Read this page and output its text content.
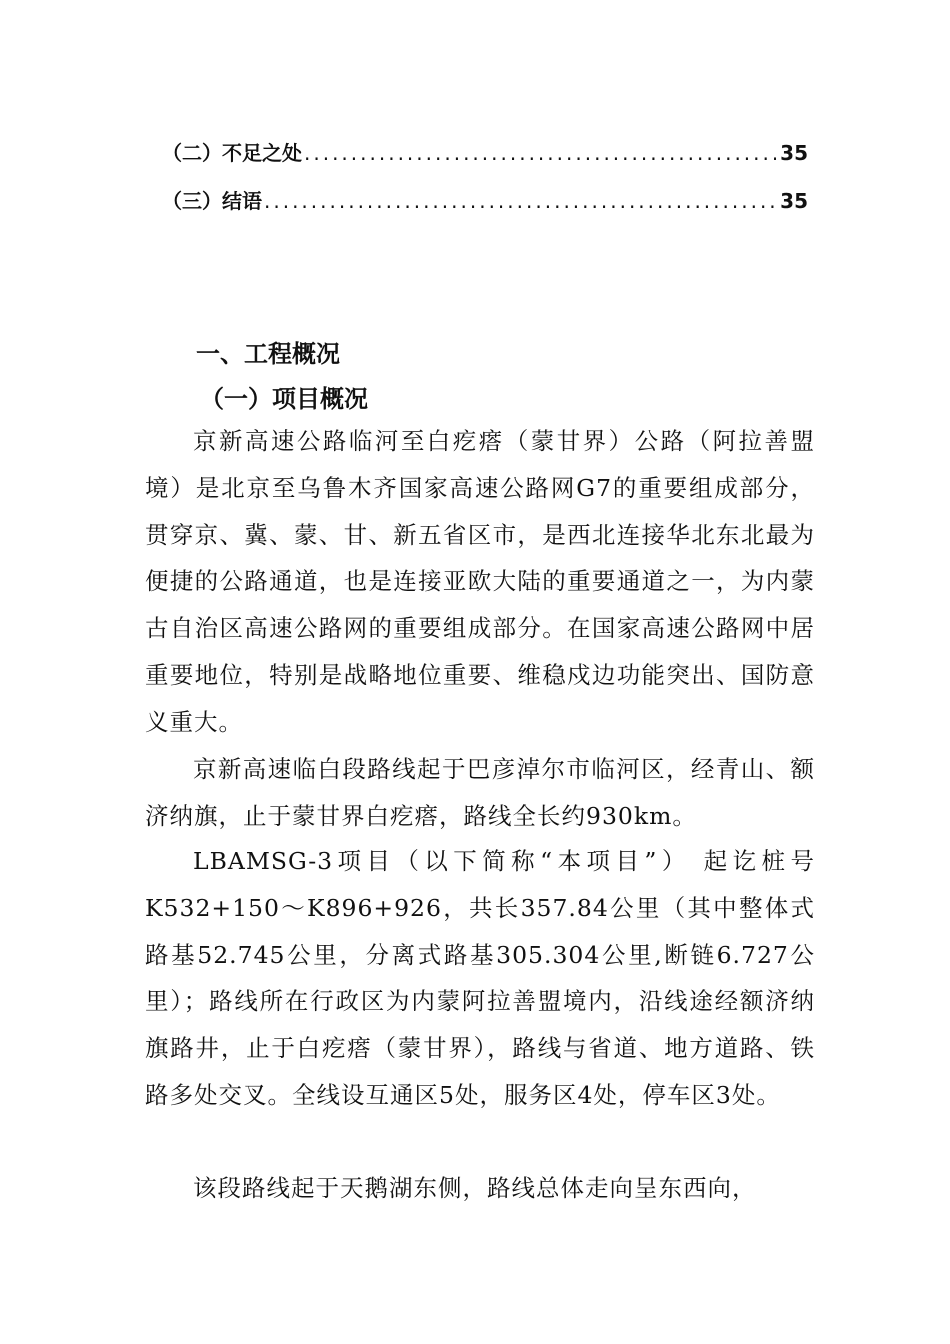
（二）不足之处 .....	35
（三）结语 .....	35
一、工程概况
（一）项目概况

京新高速公路临河至白疙瘩（蒙甘界）公路（阿拉善盟境）是北京至乌鲁木齐国家高速公路网G7的重要组成部分，贯穿京、冀、蒙、甘、新五省区市，是西北连接华北东北最为便捷的公路通道，也是连接亚欧大陆的重要通道之一，为内蒙古自治区高速公路网的重要组成部分。在国家高速公路网中居重要地位，特别是战略地位重要、维稳戍边功能突出、国防意义重大。

京新高速临白段路线起于巴彦淖尔市临河区，经青山、额济纳旗，止于蒙甘界白疙瘩，路线全长约930km。

LBAMSG-3项目（以下简称“本项目”） 起讫桩号K532+150～K896+926，共长357.84公里（其中整体式路基52.745公里，分离式路基305.304公里,断链6.727公里）；路线所在行政区为内蒙阿拉善盟境内，沿线途经额济纳旗路井，止于白疙瘩（蒙甘界），路线与省道、地方道路、铁路多处交叉。全线设互通区5处，服务区4处，停车区3处。

该段路线起于天鹅湖东侧，路线总体走向呈东西向，
